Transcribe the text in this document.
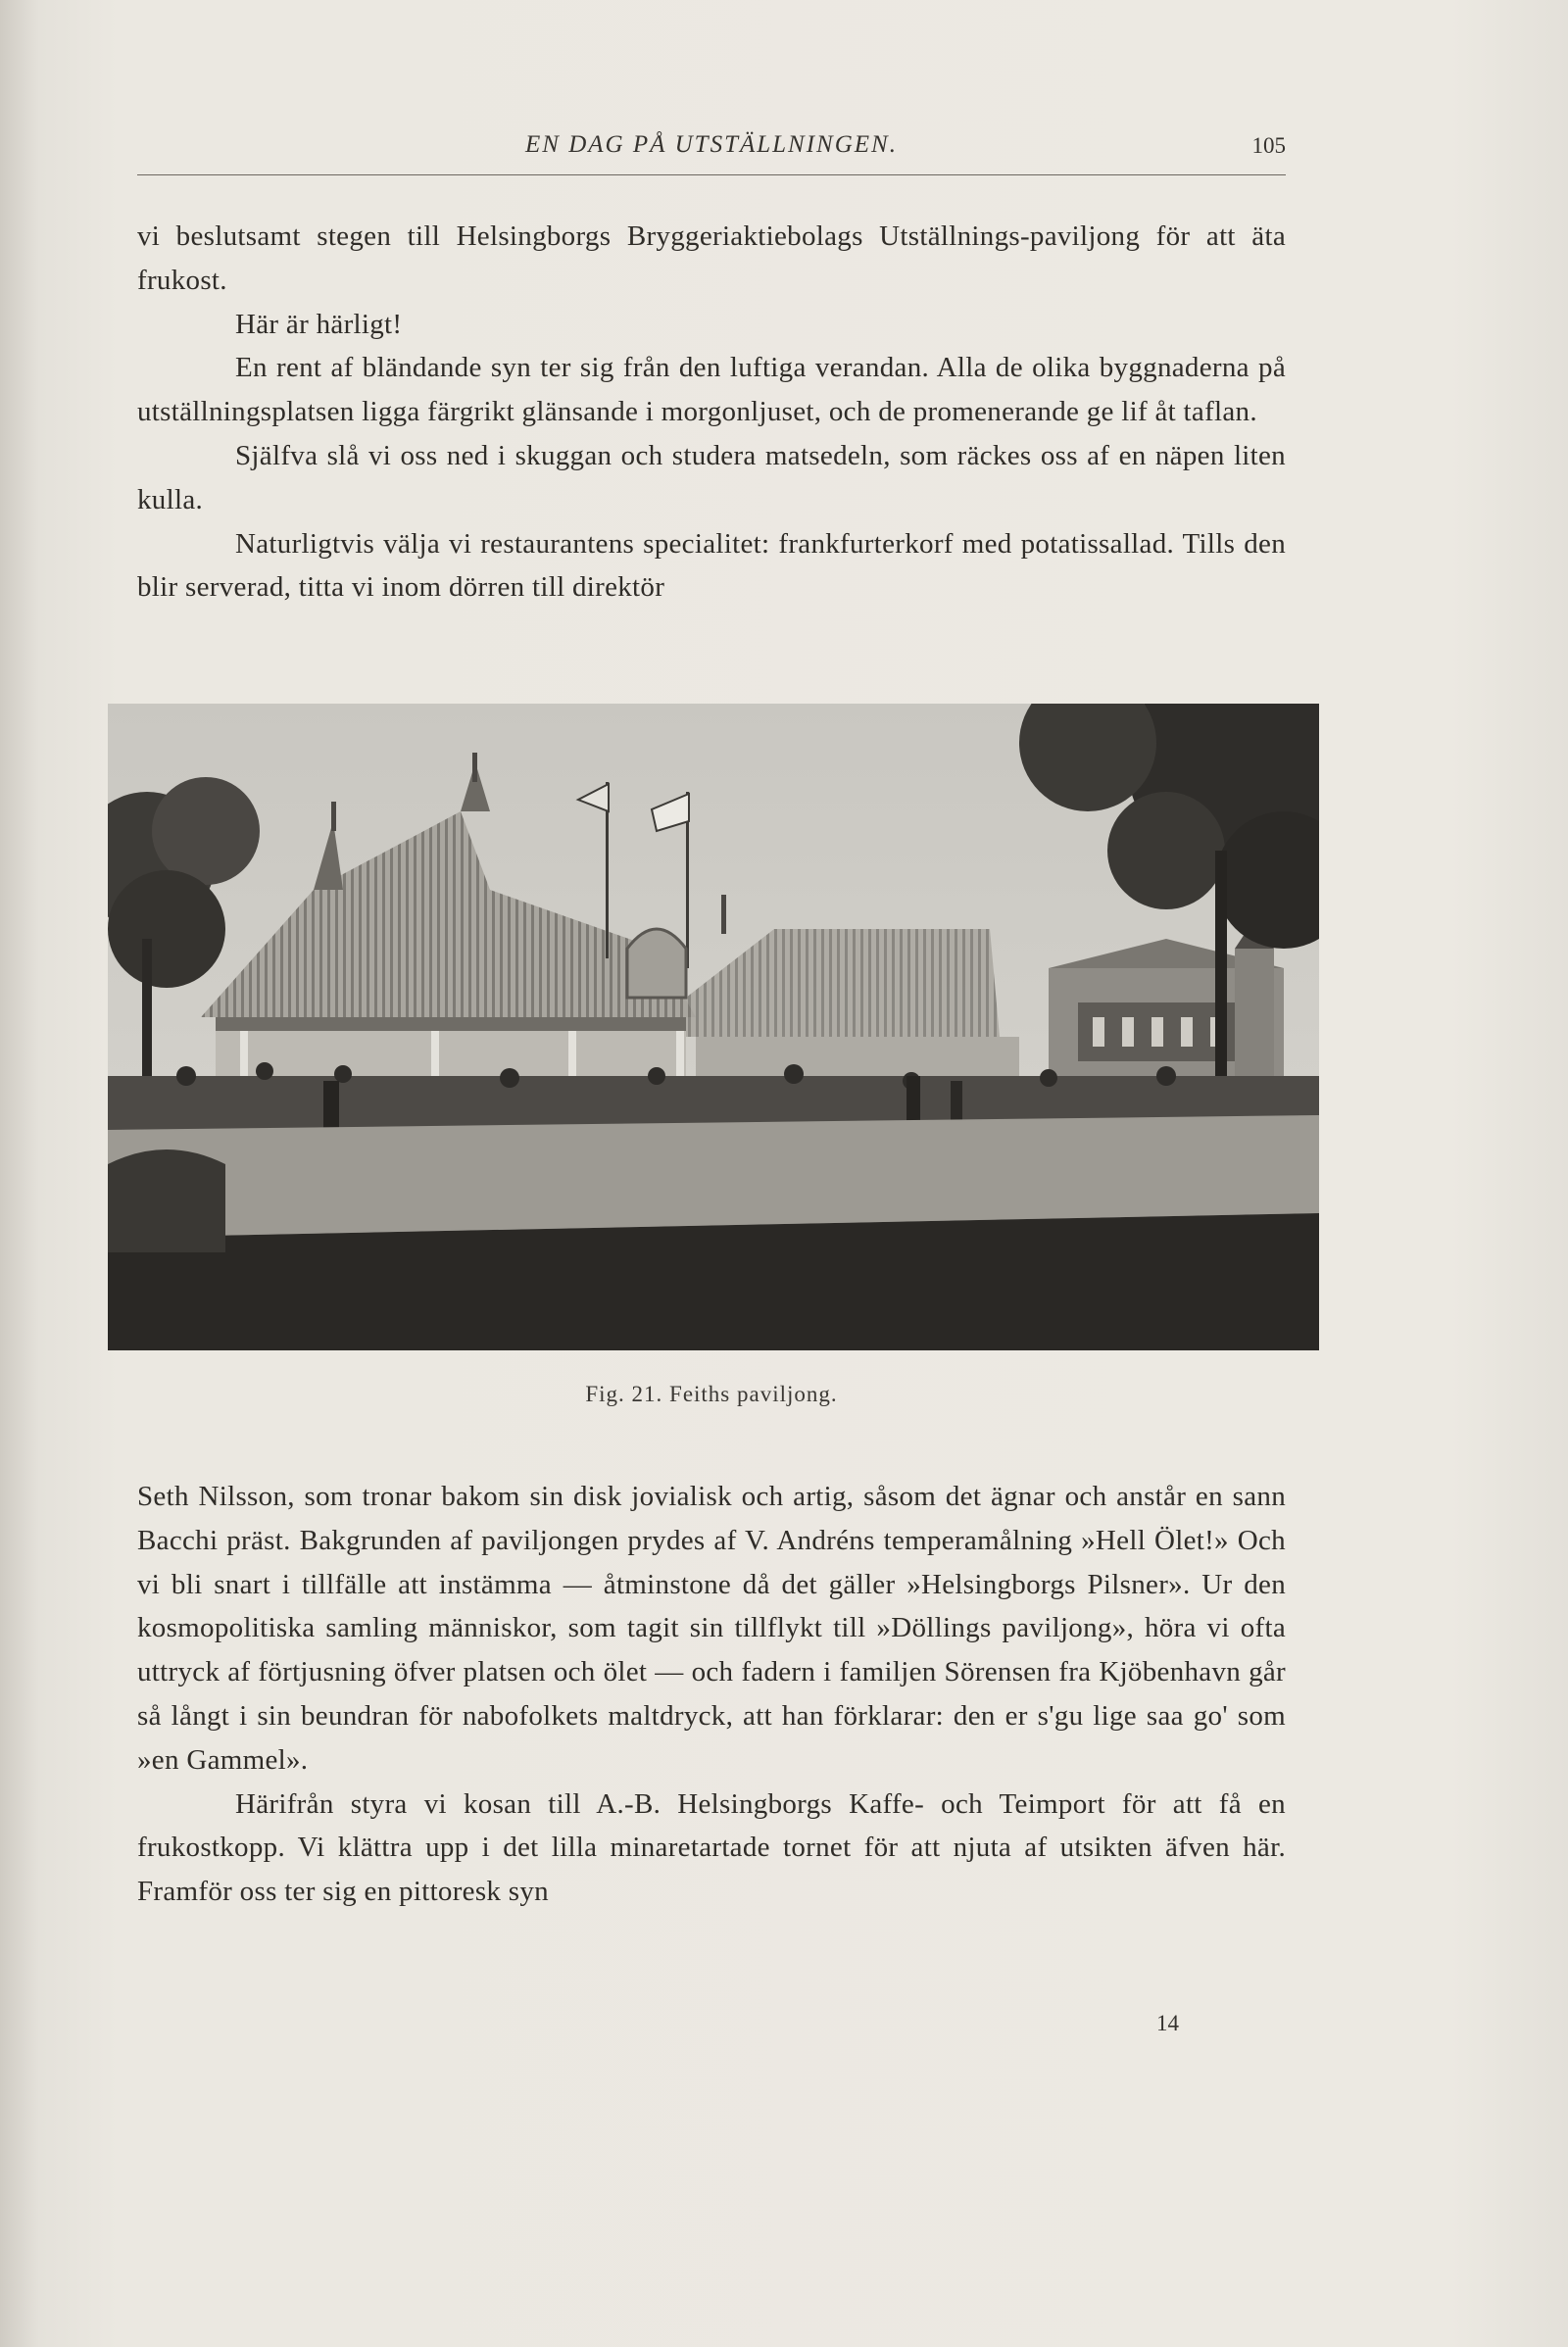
EN DAG PÅ UTSTÄLLNINGEN.	105

vi beslutsamt stegen till Helsingborgs Bryggeriaktiebolags Utställnings-paviljong för att äta frukost.

Här är härligt!

En rent af bländande syn ter sig från den luftiga verandan. Alla de olika byggnaderna på utställningsplatsen ligga färgrikt glänsande i morgonljuset, och de promenerande ge lif åt taflan.

Själfva slå vi oss ned i skuggan och studera matsedeln, som räckes oss af en näpen liten kulla.

Naturligtvis välja vi restaurantens specialitet: frankfurterkorf med potatissallad. Tills den blir serverad, titta vi inom dörren till direktör

Fig. 21. Feiths paviljong.

Seth Nilsson, som tronar bakom sin disk jovialisk och artig, såsom det ägnar och anstår en sann Bacchi präst. Bakgrunden af paviljongen prydes af V. Andréns temperamålning »Hell Ölet!» Och vi bli snart i tillfälle att instämma — åtminstone då det gäller »Helsingborgs Pilsner». Ur den kosmopolitiska samling människor, som tagit sin tillflykt till »Döllings paviljong», höra vi ofta uttryck af förtjusning öfver platsen och ölet — och fadern i familjen Sörensen fra Kjöbenhavn går så långt i sin beundran för nabofolkets maltdryck, att han förklarar: den er s'gu lige saa go' som »en Gammel».

Härifrån styra vi kosan till A.-B. Helsingborgs Kaffe- och Teimport för att få en frukostkopp. Vi klättra upp i det lilla minaretartade tornet för att njuta af utsikten äfven här. Framför oss ter sig en pittoresk syn

14
